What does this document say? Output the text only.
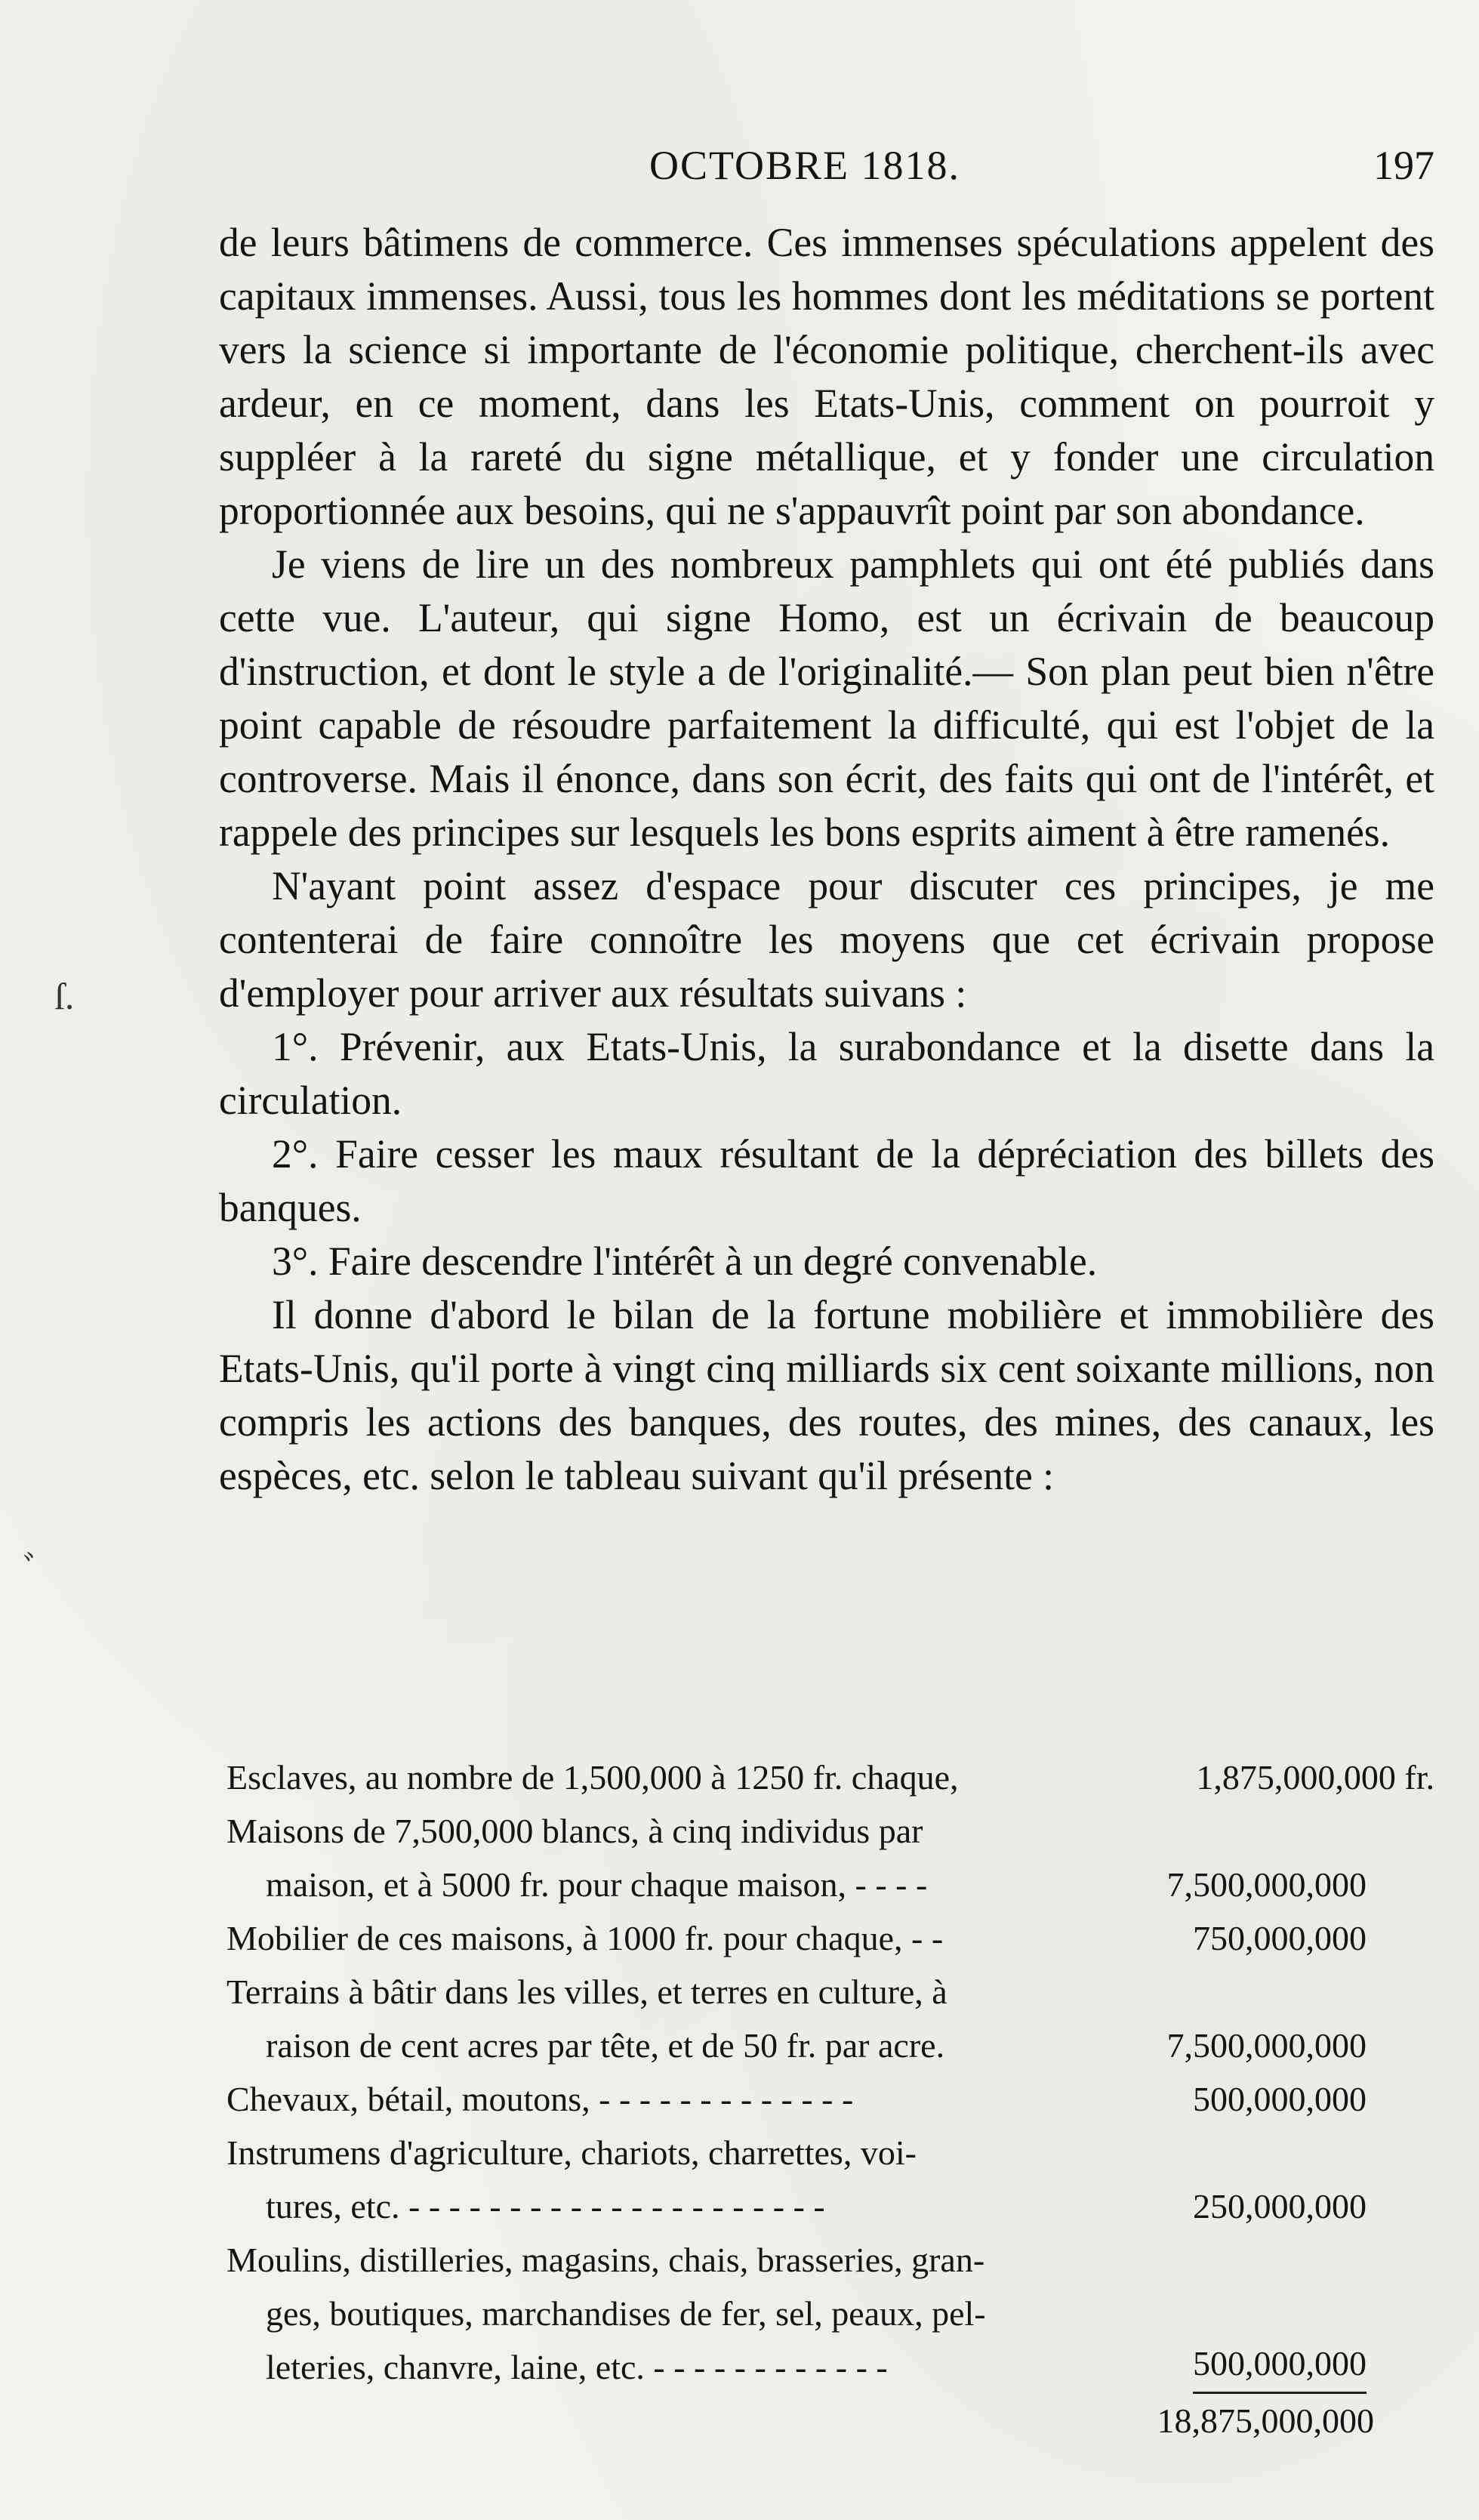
OCTOBRE 1818.	197

de leurs bâtimens de commerce. Ces immenses spéculations appelent des capitaux immenses. Aussi, tous les hommes dont les méditations se portent vers la science si importante de l'économie politique, cherchent-ils avec ardeur, en ce moment, dans les Etats-Unis, comment on pourroit y suppléer à la rareté du signe métallique, et y fonder une circulation proportionnée aux besoins, qui ne s'appauvrît point par son abondance.

Je viens de lire un des nombreux pamphlets qui ont été publiés dans cette vue. L'auteur, qui signe Homo, est un écrivain de beaucoup d'instruction, et dont le style a de l'originalité.— Son plan peut bien n'être point capable de résoudre parfaitement la difficulté, qui est l'objet de la controverse. Mais il énonce, dans son écrit, des faits qui ont de l'intérêt, et rappele des principes sur lesquels les bons esprits aiment à être ramenés.

N'ayant point assez d'espace pour discuter ces principes, je me contenterai de faire connoître les moyens que cet écrivain propose d'employer pour arriver aux résultats suivans :

1°. Prévenir, aux Etats-Unis, la surabondance et la disette dans la circulation.

2°. Faire cesser les maux résultant de la dépréciation des billets des banques.

3°. Faire descendre l'intérêt à un degré convenable.

Il donne d'abord le bilan de la fortune mobilière et immobilière des Etats-Unis, qu'il porte à vingt cinq milliards six cent soixante millions, non compris les actions des banques, des routes, des mines, des canaux, les espèces, etc. selon le tableau suivant qu'il présente :

Esclaves, au nombre de 1,500,000 à 1250 fr. chaque,	1,875,000,000 fr.
Maisons de 7,500,000 blancs, à cinq individus par
maison, et à 5000 fr. pour chaque maison, - - - -	7,500,000,000
Mobilier de ces maisons, à 1000 fr. pour chaque, - -	750,000,000
Terrains à bâtir dans les villes, et terres en culture, à
raison de cent acres par tête, et de 50 fr. par acre.	7,500,000,000
Chevaux, bétail, moutons, - - - - - - - - - - - - -	500,000,000
Instrumens d'agriculture, chariots, charrettes, voi-
tures, etc. - - - - - - - - - - - - - - - - - - - - -	250,000,000
Moulins, distilleries, magasins, chais, brasseries, gran-
ges, boutiques, marchandises de fer, sel, peaux, pel-
leteries, chanvre, laine, etc. - - - - - - - - - - - -	500,000,000
18,875,000,000
ſ.
ﾞ
